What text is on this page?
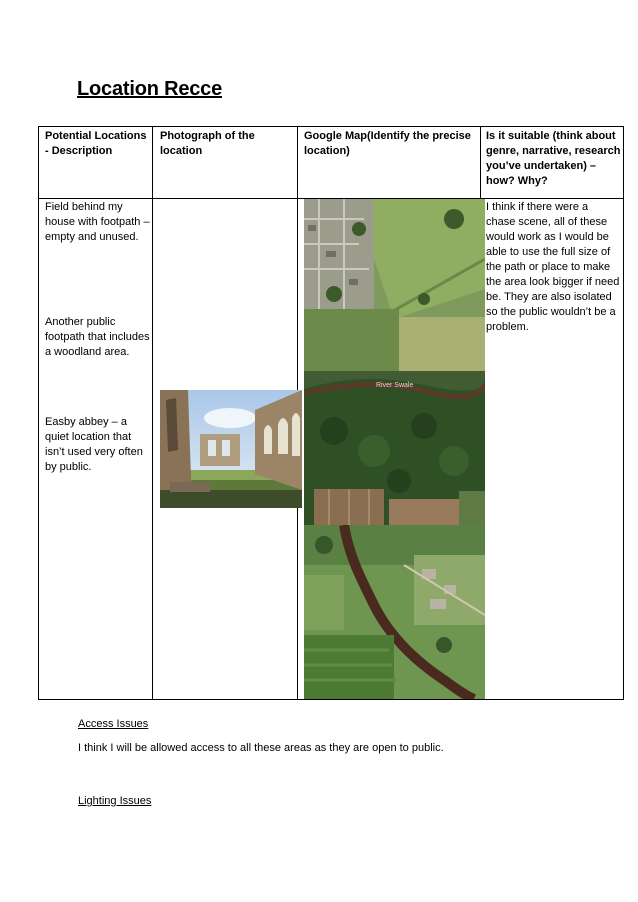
Location Recce
Potential Locations - Description
Photograph of the location
Google Map(Identify the precise location)
Is it suitable (think about genre, narrative, research you’ve undertaken) – how? Why?
Field behind my house with footpath – empty and unused.
Another public footpath that includes a woodland area.
Easby abbey – a quiet location that isn’t used very often by public.
I think if there were a chase scene, all of these would work as I would be able to use the full size of the path or place to make the area look bigger if need be. They are also isolated so the public wouldn’t be a problem.
River Swale
Access Issues
I think I will be allowed access to all these areas as they are open to public.
Lighting Issues
